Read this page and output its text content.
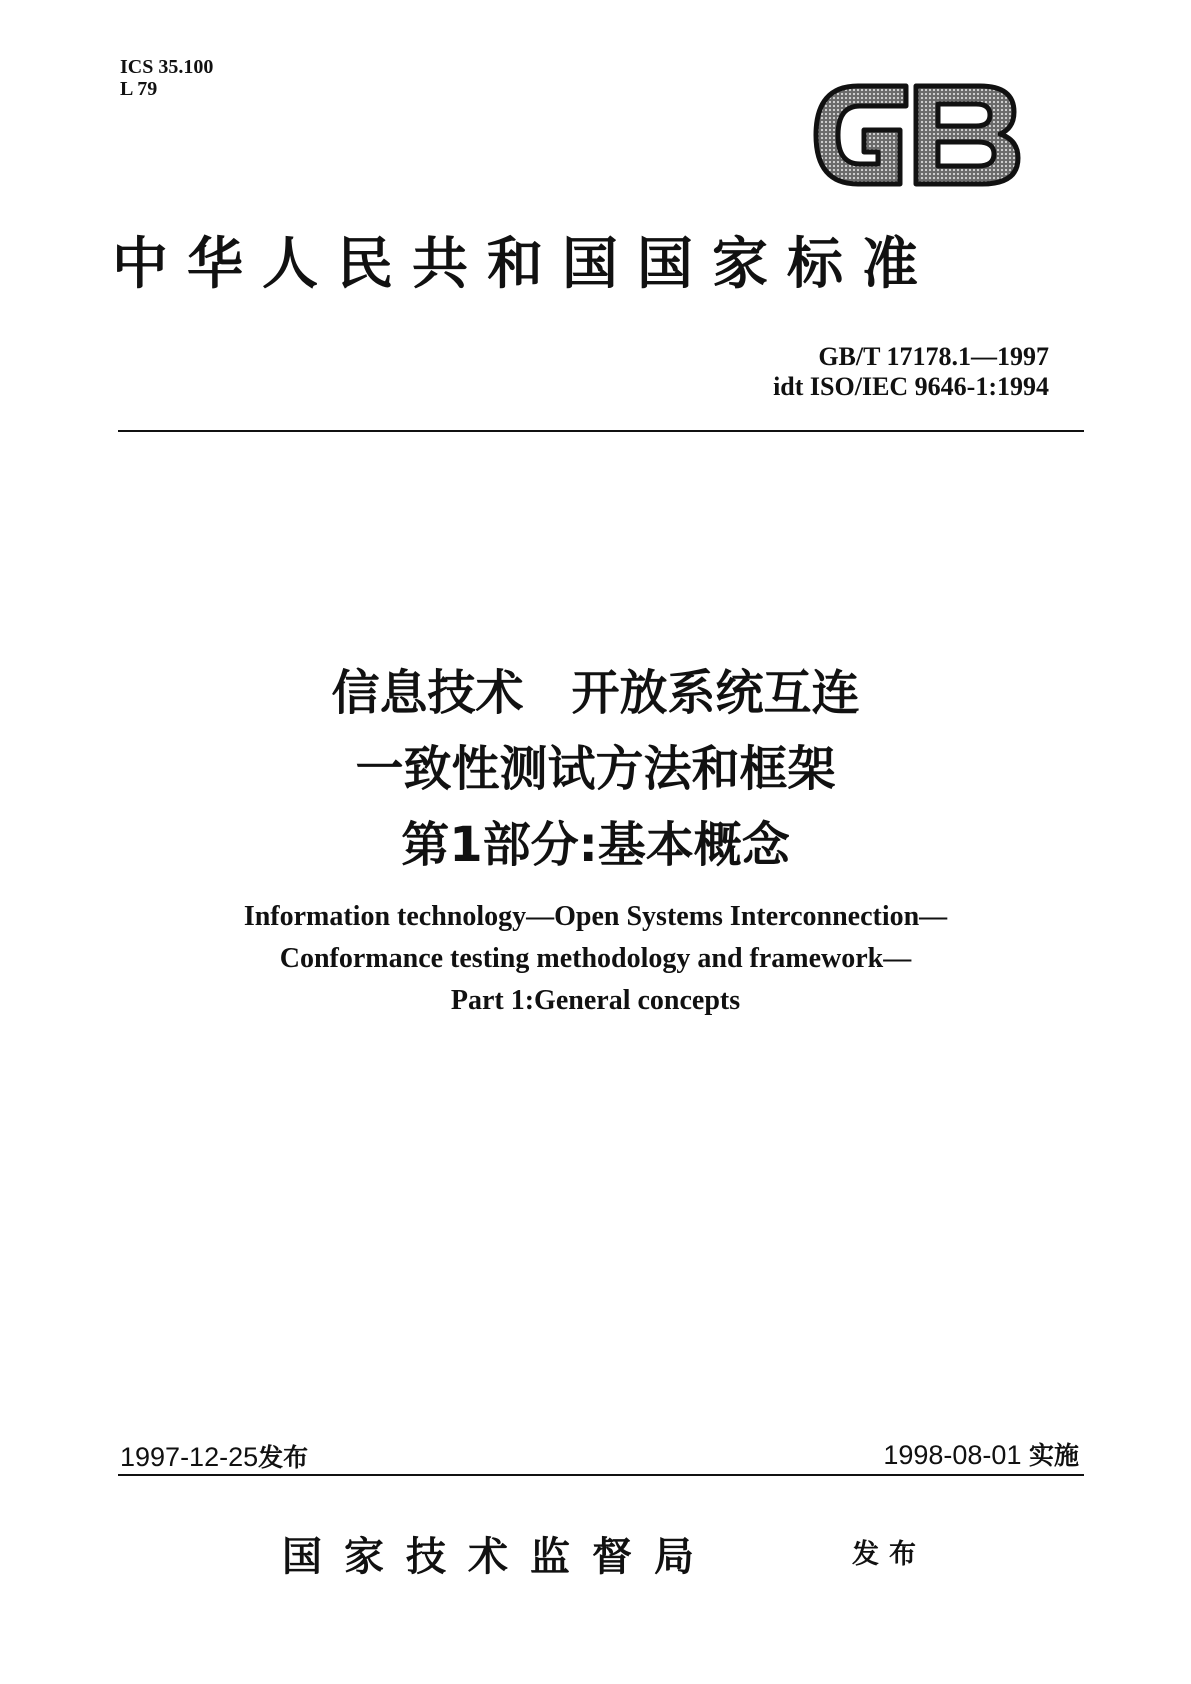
ICS 35.100
L 79
中华人民共和国国家标准
GB/T 17178.1—1997
idt ISO/IEC 9646-1:1994
信息技术　开放系统互连
一致性测试方法和框架
第1部分:基本概念
Information technology—Open Systems Interconnection—
Conformance testing methodology and framework—
Part 1:General concepts
1997-12-25发布	1998-08-01 实施
国家技术监督局	发布
